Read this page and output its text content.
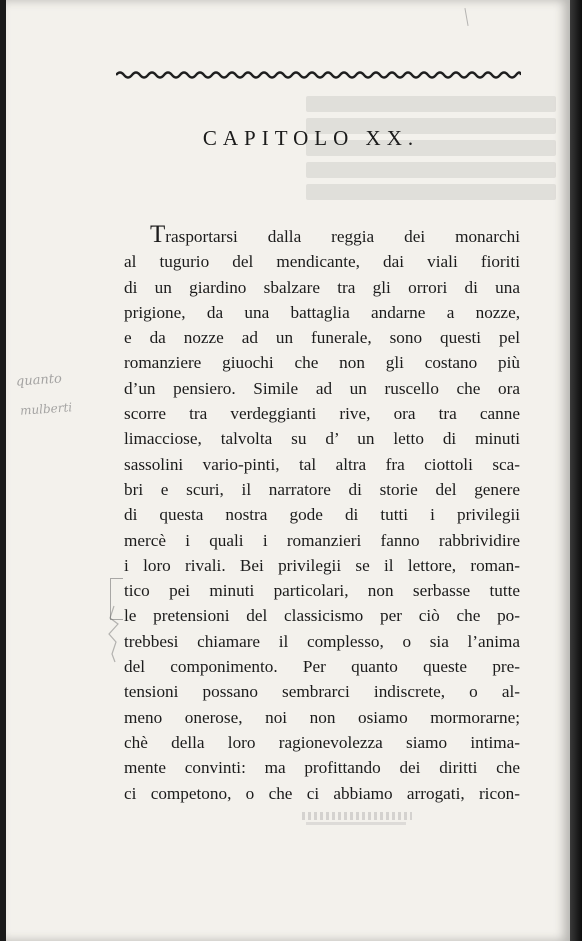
CAPITOLO XX.
Trasportarsi dalla reggia dei monarchi
al tugurio del mendicante, dai viali fioriti
di un giardino sbalzare tra gli orrori di una
prigione, da una battaglia andarne a nozze,
e da nozze ad un funerale, sono questi pel
romanziere giuochi che non gli costano più
d’un pensiero. Simile ad un ruscello che ora
scorre tra verdeggianti rive, ora tra canne
limacciose, talvolta su d’ un letto di minuti
sassolini vario-pinti, tal altra fra ciottoli sca-
bri e scuri, il narratore di storie del genere
di questa nostra gode di tutti i privilegii
mercè i quali i romanzieri fanno rabbrividire
i loro rivali. Bei privilegii se il lettore, roman-
tico pei minuti particolari, non serbasse tutte
le pretensioni del classicismo per ciò che po-
trebbesi chiamare il complesso, o sia l’anima
del componimento. Per quanto queste pre-
tensioni possano sembrarci indiscrete, o al-
meno onerose, noi non osiamo mormorarne;
chè della loro ragionevolezza siamo intima-
mente convinti: ma profittando dei diritti che
ci competono, o che ci abbiamo arrogati, ricon-
quanto
mulberti
